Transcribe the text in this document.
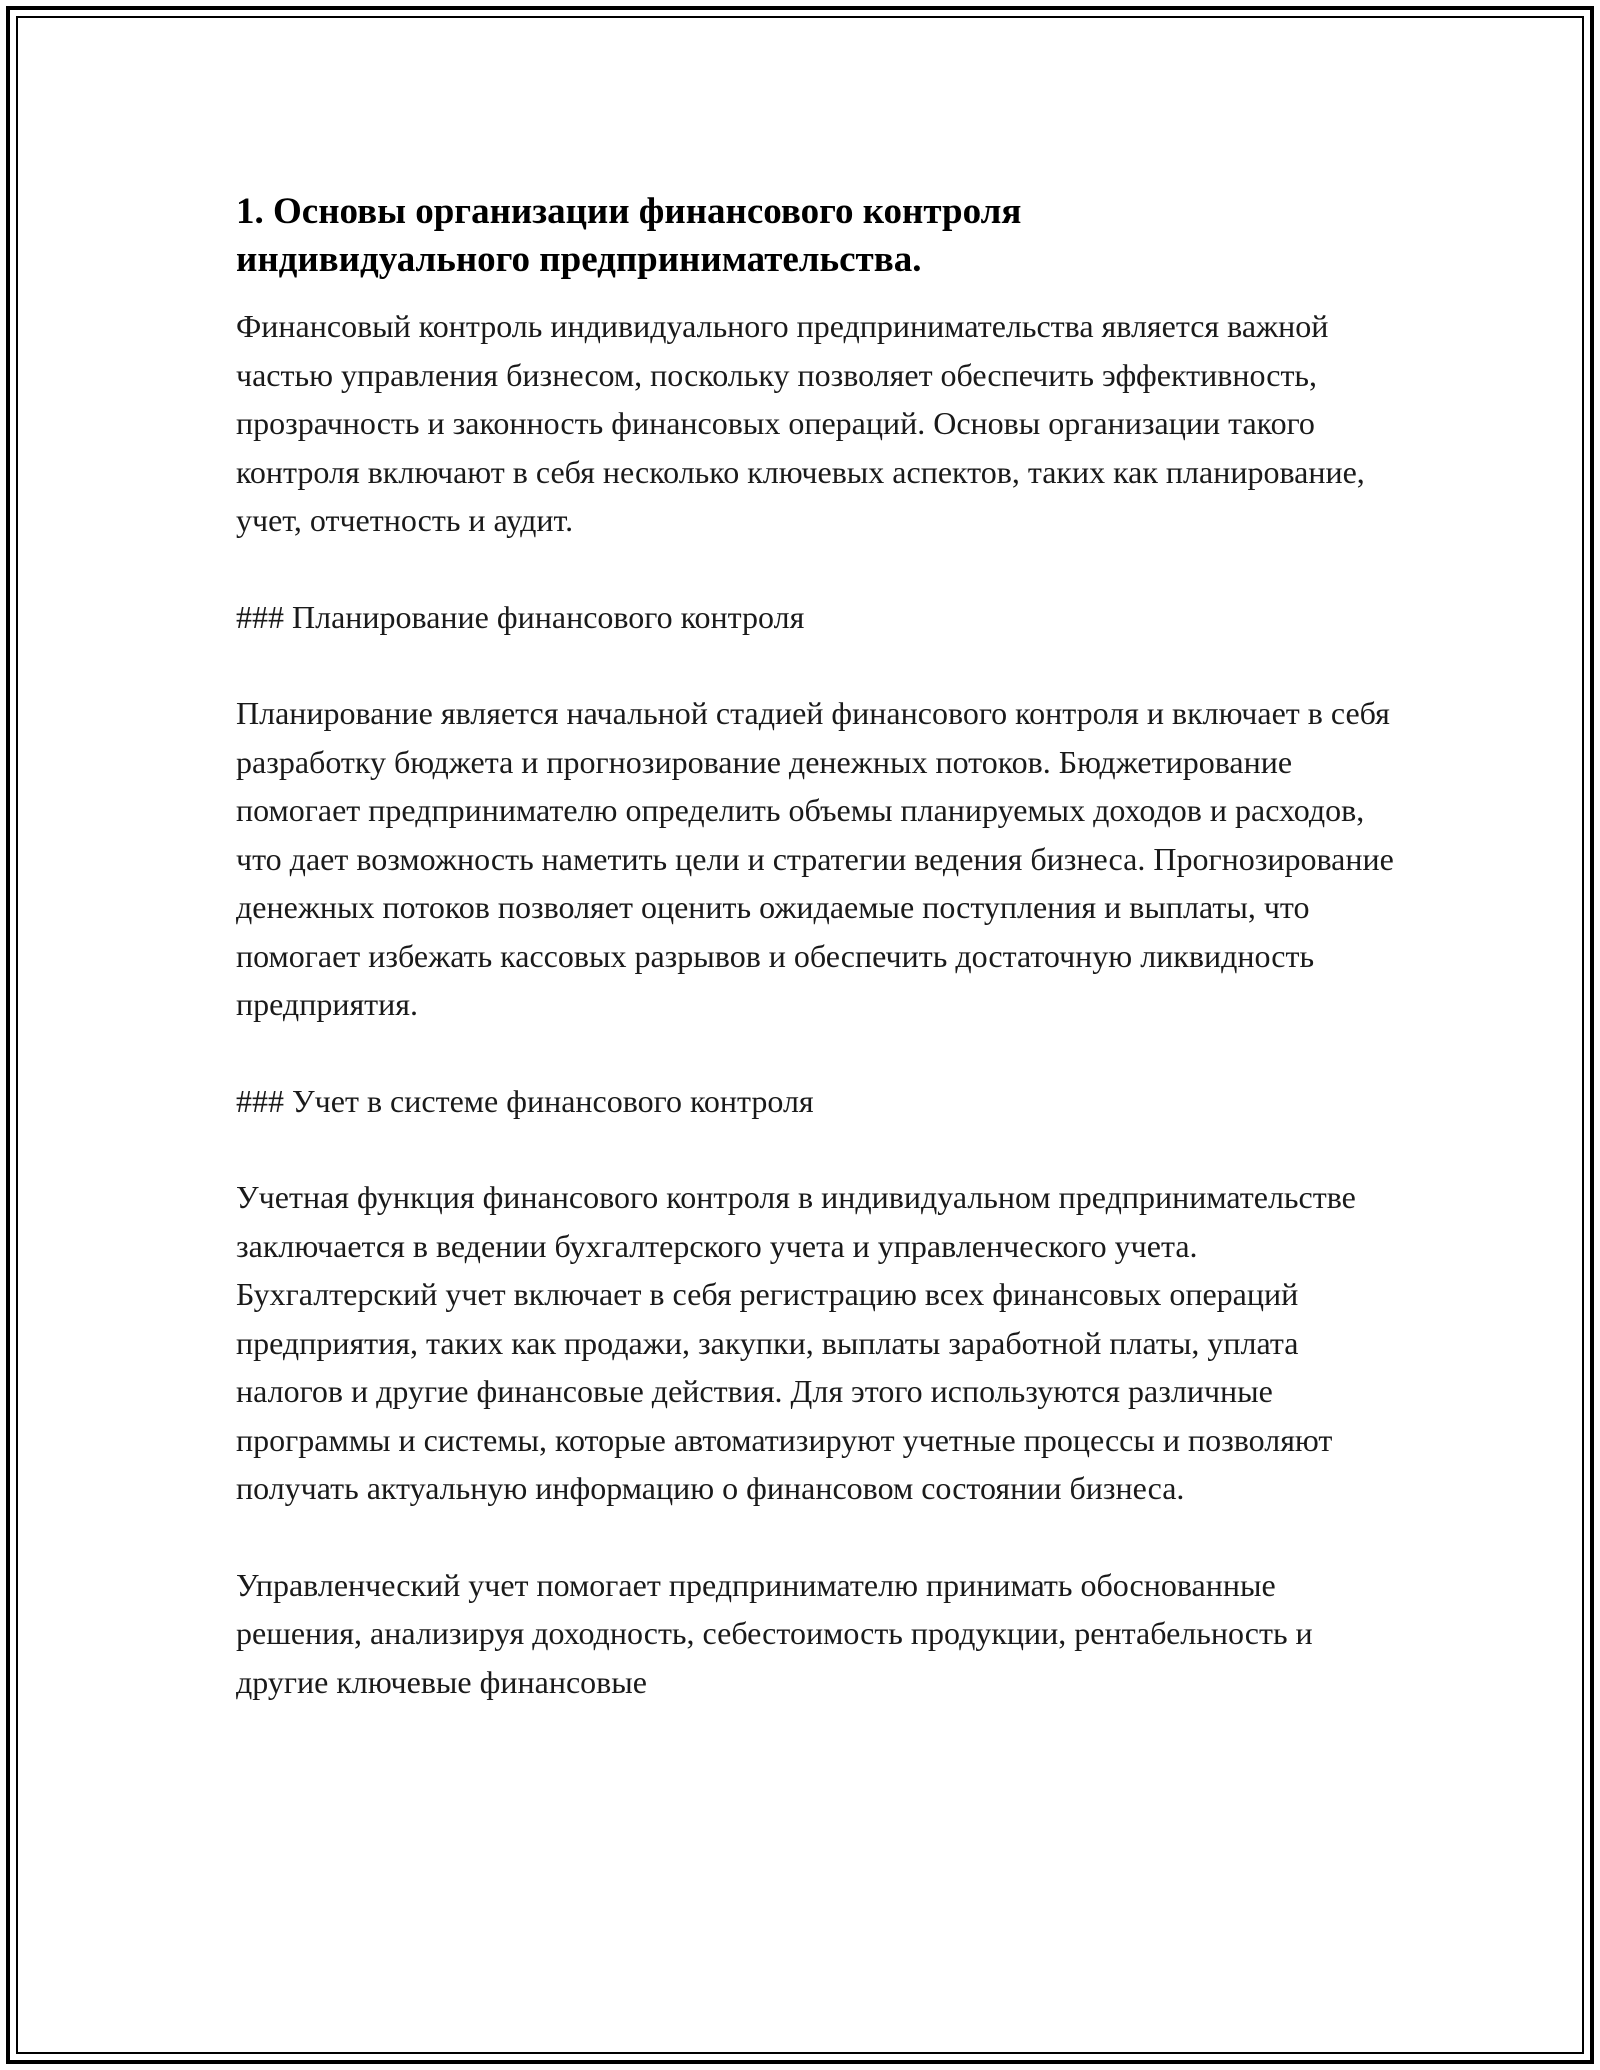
1. Основы организации финансового контроля
индивидуального предпринимательства.

Финансовый контроль индивидуального предпринимательства является важной частью управления бизнесом, поскольку позволяет обеспечить эффективность, прозрачность и законность финансовых операций. Основы организации такого контроля включают в себя несколько ключевых аспектов, таких как планирование, учет, отчетность и аудит.

### Планирование финансового контроля

Планирование является начальной стадией финансового контроля и включает в себя разработку бюджета и прогнозирование денежных потоков. Бюджетирование помогает предпринимателю определить объемы планируемых доходов и расходов, что дает возможность наметить цели и стратегии ведения бизнеса. Прогнозирование денежных потоков позволяет оценить ожидаемые поступления и выплаты, что помогает избежать кассовых разрывов и обеспечить достаточную ликвидность предприятия.

### Учет в системе финансового контроля

Учетная функция финансового контроля в индивидуальном предпринимательстве заключается в ведении бухгалтерского учета и управленческого учета. Бухгалтерский учет включает в себя регистрацию всех финансовых операций предприятия, таких как продажи, закупки, выплаты заработной платы, уплата налогов и другие финансовые действия. Для этого используются различные программы и системы, которые автоматизируют учетные процессы и позволяют получать актуальную информацию о финансовом состоянии бизнеса.

Управленческий учет помогает предпринимателю принимать обоснованные решения, анализируя доходность, себестоимость продукции, рентабельность и другие ключевые финансовые
